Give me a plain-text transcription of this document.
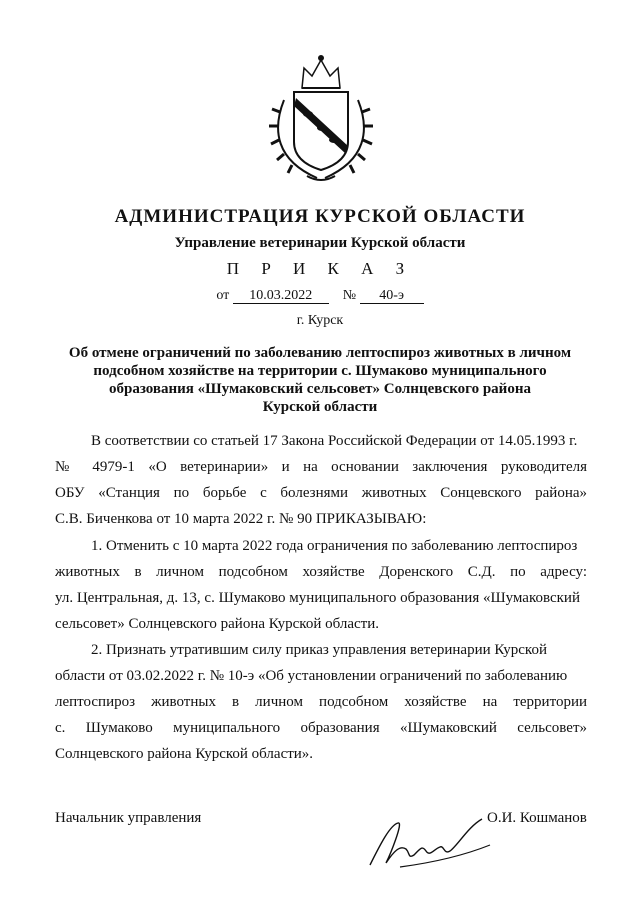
АДМИНИСТРАЦИЯ КУРСКОЙ ОБЛАСТИ
Управление ветеринарии Курской области
П Р И К А З
от 10.03.2022 № 40-э
г. Курск
Об отмене ограничений по заболеванию лептоспироз животных в личном
подсобном хозяйстве на территории с. Шумаково муниципального
образования «Шумаковский сельсовет» Солнцевского района
Курской области
В соответствии со статьей 17 Закона Российской Федерации от 14.05.1993 г.
№ 4979-1 «О ветеринарии» и на основании заключения руководителя
ОБУ «Станция по борьбе с болезнями животных Сонцевского района»
С.В. Биченкова от 10 марта 2022 г. № 90 ПРИКАЗЫВАЮ:
1. Отменить с 10 марта 2022 года ограничения по заболеванию лептоспироз
животных в личном подсобном хозяйстве Доренского С.Д. по адресу:
ул. Центральная, д. 13, с. Шумаково муниципального образования «Шумаковский
сельсовет» Солнцевского района Курской области.
2. Признать утратившим силу приказ управления ветеринарии Курской
области от 03.02.2022 г. № 10-э «Об установлении ограничений по заболеванию
лептоспироз животных в личном подсобном хозяйстве на территории
с. Шумаково муниципального образования «Шумаковский сельсовет»
Солнцевского района Курской области».
Начальник управления	О.И. Кошманов
